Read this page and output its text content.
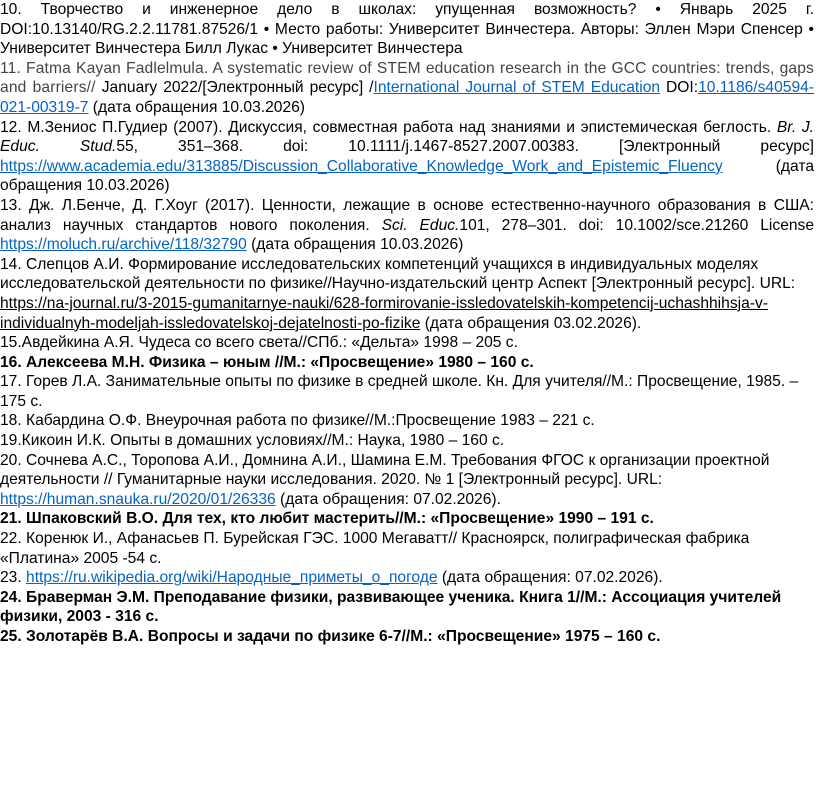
10. Творчество и инженерное дело в школах: упущенная возможность? • Январь 2025 г. DOI:10.13140/RG.2.2.11781.87526/1 • Место работы: Университет Винчестера. Авторы: Эллен Мэри Спенсер • Университет Винчестера Билл Лукас • Университет Винчестера

11. Fatma Kayan Fadlelmula. A systematic review of STEM education research in the GCC countries: trends, gaps and barriers// January 2022/[Электронный ресурс] /International Journal of STEM Education DOI:10.1186/s40594-021-00319-7 (дата обращения 10.03.2026)

12. М.Зениос П.Гудиер (2007). Дискуссия, совместная работа над знаниями и эпистемическая беглость. Br. J. Educ. Stud.55, 351–368. doi: 10.1111/j.1467-8527.2007.00383. [Электронный ресурс] https://www.academia.edu/313885/Discussion_Collaborative_Knowledge_Work_and_Epistemic_Fluency (дата обращения 10.03.2026)

13. Дж. Л.Бенче, Д. Г.Хоуг (2017). Ценности, лежащие в основе естественно-научного образования в США: анализ научных стандартов нового поколения. Sci. Educ.101, 278–301. doi: 10.1002/sce.21260 License https://moluch.ru/archive/118/32790 (дата обращения 10.03.2026)

14. Слепцов А.И. Формирование исследовательских компетенций учащихся в индивидуальных моделях исследовательской деятельности по физике//Научно-издательский центр Аспект [Электронный ресурс]. URL: https://na-journal.ru/3-2015-gumanitarnye-nauki/628-formirovanie-issledovatelskih-kompetencij-uchashhihsja-v-individualnyh-modeljah-issledovatelskoj-dejatelnosti-po-fizike (дата обращения 03.02.2026).

15.Авдейкина А.Я. Чудеса со всего света//СПб.: «Дельта» 1998 – 205 с.

16. Алексеева М.Н. Физика – юным //М.: «Просвещение» 1980 – 160 с.

17. Горев Л.А. Занимательные опыты по физике в средней школе. Кн. Для учителя//М.: Просвещение, 1985. – 175 с.

18. Кабардина О.Ф. Внеурочная работа по физике//М.:Просвещение 1983 – 221 с.

19.Кикоин И.К. Опыты в домашних условиях//М.: Наука, 1980 – 160 с.

20. Сочнева А.С., Торопова А.И., Домнина А.И., Шамина Е.М. Требования ФГОС к организации проектной деятельности // Гуманитарные науки исследования. 2020. № 1 [Электронный ресурс]. URL: https://human.snauka.ru/2020/01/26336 (дата обращения: 07.02.2026).

21. Шпаковский В.О. Для тех, кто любит мастерить//М.: «Просвещение» 1990 – 191 с.

22. Коренюк И., Афанасьев П. Бурейская ГЭС. 1000 Мегаватт// Красноярск, полиграфическая фабрика «Платина» 2005 -54 с.

23. https://ru.wikipedia.org/wiki/Народные_приметы_о_погоде (дата обращения: 07.02.2026).

24. Браверман Э.М. Преподавание физики, развивающее ученика. Книга 1//М.: Ассоциация учителей физики, 2003 - 316 с.

25. Золотарёв В.А. Вопросы и задачи по физике 6-7//М.: «Просвещение» 1975 – 160 с.
